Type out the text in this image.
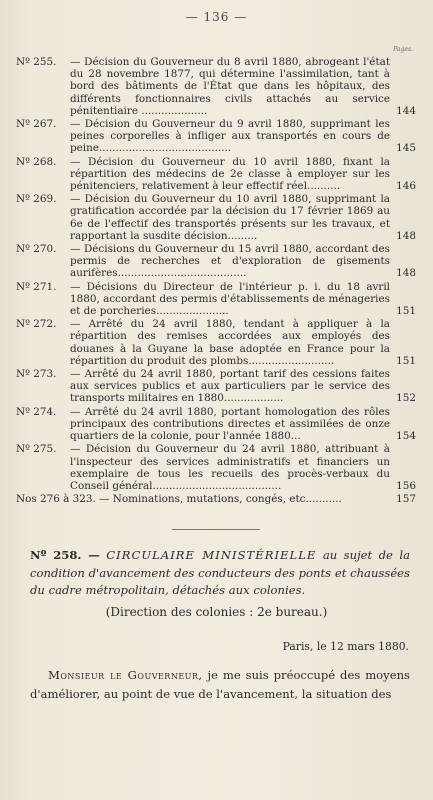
— 136 —
Pages.
Nº 255.	— Décision du Gouverneur du 8 avril 1880, abrogeant l'état du 28 novembre 1877, qui détermine l'assimilation, tant à bord des bâtiments de l'État que dans les hôpitaux, des différents fonctionnaires civils attachés au service pénitentiaire ....................	144
Nº 267.	— Décision du Gouverneur du 9 avril 1880, supprimant les peines corporelles à infliger aux transportés en cours de peine........................................	145
Nº 268.	— Décision du Gouverneur du 10 avril 1880, fixant la répartition des médecins de 2e classe à employer sur les pénitenciers, relativement à leur effectif réel..........	146
Nº 269.	— Décision du Gouverneur du 10 avril 1880, supprimant la gratification accordée par la décision du 17 février 1869 au 6e de l'effectif des transportés présents sur les travaux, et rapportant la susdite décision.........	148
Nº 270.	— Décisions du Gouverneur du 15 avril 1880, accordant des permis de recherches et d'exploration de gisements aurifères.......................................	148
Nº 271.	— Décisions du Directeur de l'intérieur p. i. du 18 avril 1880, accordant des permis d'établissements de ménageries et de porcheries......................	151
Nº 272.	— Arrêté du 24 avril 1880, tendant à appliquer à la répartition des remises accordées aux employés des douanes à la Guyane la base adoptée en France pour la répartition du produit des plombs..........................	151
Nº 273.	— Arrêté du 24 avril 1880, portant tarif des cessions faites aux services publics et aux particuliers par le service des transports militaires en 1880..................	152
Nº 274.	— Arrêté du 24 avril 1880, portant homologation des rôles principaux des contributions directes et assimilées de onze quartiers de la colonie, pour l'année 1880...	154
Nº 275.	— Décision du Gouverneur du 24 avril 1880, attribuant à l'inspecteur des services administratifs et financiers un exemplaire de tous les recueils des procès-verbaux du Conseil général.......................................	156
Nos 276 à 323. — Nominations, mutations, congés, etc...........	157
Nº 258. — CIRCULAIRE MINISTÉRIELLE au sujet de la condition d'avancement des conducteurs des ponts et chaussées du cadre métropolitain, détachés aux colonies.
(Direction des colonies : 2e bureau.)
Paris, le 12 mars 1880.
Monsieur le Gouverneur, je me suis préoccupé des moyens d'améliorer, au point de vue de l'avancement, la situation des
